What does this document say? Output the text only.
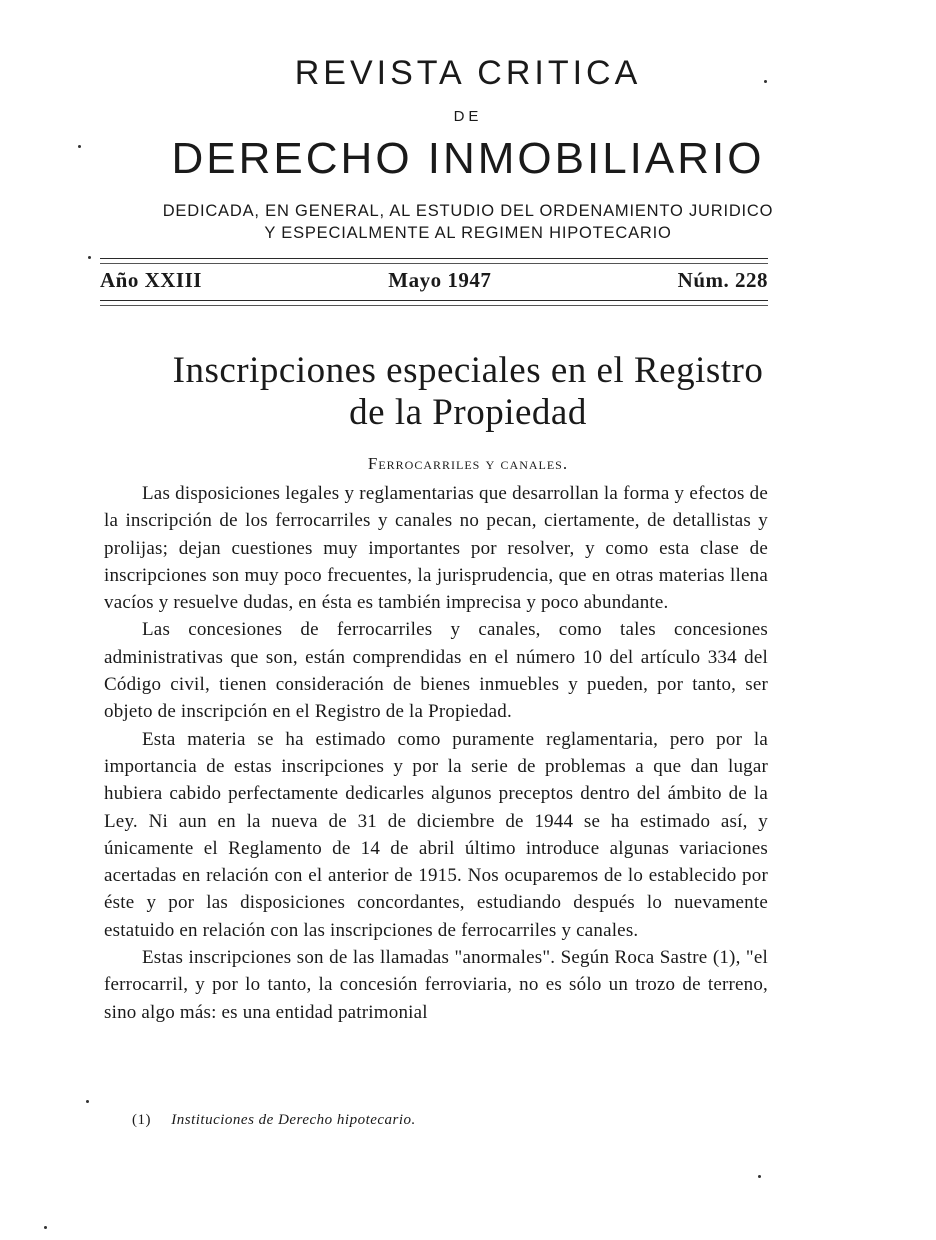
REVISTA CRITICA
DE
DERECHO INMOBILIARIO
DEDICADA, EN GENERAL, AL ESTUDIO DEL ORDENAMIENTO JURIDICO
Y ESPECIALMENTE AL REGIMEN HIPOTECARIO
Año XXIII	Mayo 1947	Núm. 228
Inscripciones especiales en el Registro
de la Propiedad
Ferrocarriles y canales.

Las disposiciones legales y reglamentarias que desarrollan la forma y efectos de la inscripción de los ferrocarriles y canales no pecan, ciertamente, de detallistas y prolijas; dejan cuestiones muy importantes por resolver, y como esta clase de inscripciones son muy poco frecuentes, la jurisprudencia, que en otras materias llena vacíos y resuelve dudas, en ésta es también imprecisa y poco abundante.

Las concesiones de ferrocarriles y canales, como tales concesiones administrativas que son, están comprendidas en el número 10 del artículo 334 del Código civil, tienen consideración de bienes inmuebles y pueden, por tanto, ser objeto de inscripción en el Registro de la Propiedad.

Esta materia se ha estimado como puramente reglamentaria, pero por la importancia de estas inscripciones y por la serie de problemas a que dan lugar hubiera cabido perfectamente dedicarles algunos preceptos dentro del ámbito de la Ley. Ni aun en la nueva de 31 de diciembre de 1944 se ha estimado así, y únicamente el Reglamento de 14 de abril último introduce algunas variaciones acertadas en relación con el anterior de 1915. Nos ocuparemos de lo establecido por éste y por las disposiciones concordantes, estudiando después lo nuevamente estatuido en relación con las inscripciones de ferrocarriles y canales.

Estas inscripciones son de las llamadas "anormales". Según Roca Sastre (1), "el ferrocarril, y por lo tanto, la concesión ferroviaria, no es sólo un trozo de terreno, sino algo más: es una entidad patrimonial

(1) Instituciones de Derecho hipotecario.
